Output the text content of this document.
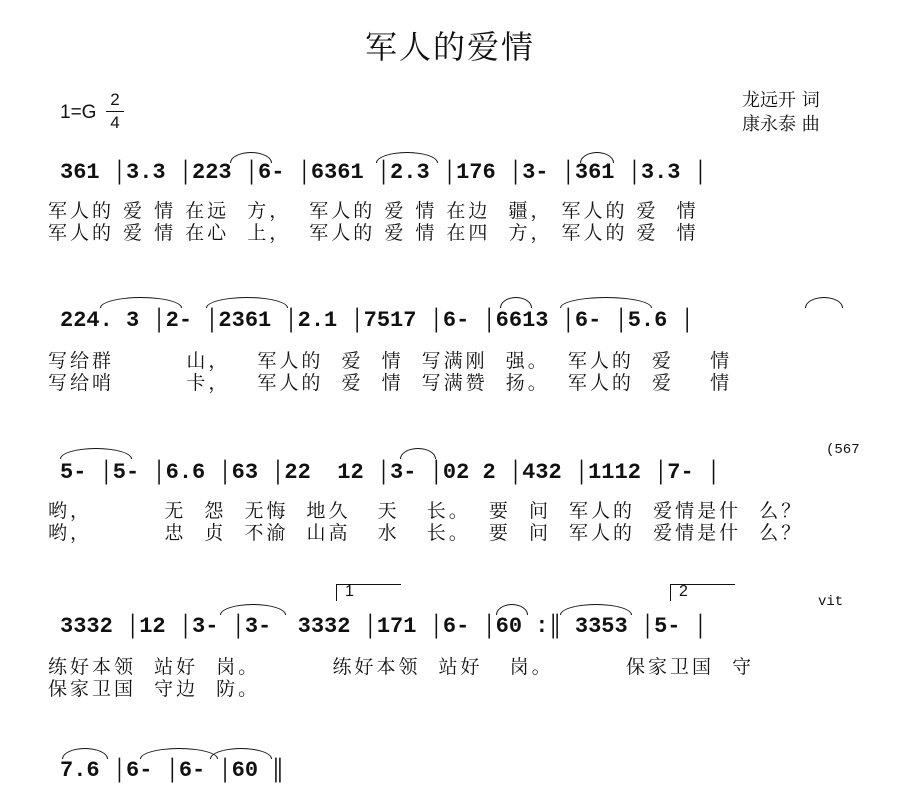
军人的爱情
1=G
2
4
龙远开 词
康永泰 曲
361 │3.3 │223 │6- │6361 │2.3 │176 │3- │361 │3.3 │
军人的 爱 情 在远  方，  军人的 爱 情 在边  疆， 军人的 爱  情
军人的 爱 情 在心  上，  军人的 爱 情 在四  方， 军人的 爱  情
224. 3 │2- │2361 │2.1 │7517 │6- │6613 │6- │5.6 │
写给群        山，   军人的  爱  情  写满刚  强。  军人的  爱    情
写给哨        卡，   军人的  爱  情  写满赞  扬。  军人的  爱    情
5- │5- │6.6 │63 │22  12 │3- │02 2 │432 │1112 │7- │
(567
哟，        无  怨  无悔  地久   天   长。  要  问  军人的  爱情是什  么？
哟，        忠  贞  不渝  山高   水   长。  要  问  军人的  爱情是什  么？
1	2
vit
3332 │12 │3- │3-  3332 │171 │6- │60 :║ 3353 │5- │
练好本领  站好  岗。        练好本领  站好   岗。        保家卫国  守
保家卫国  守边  防。
7.6 │6- │6- │60 ║
